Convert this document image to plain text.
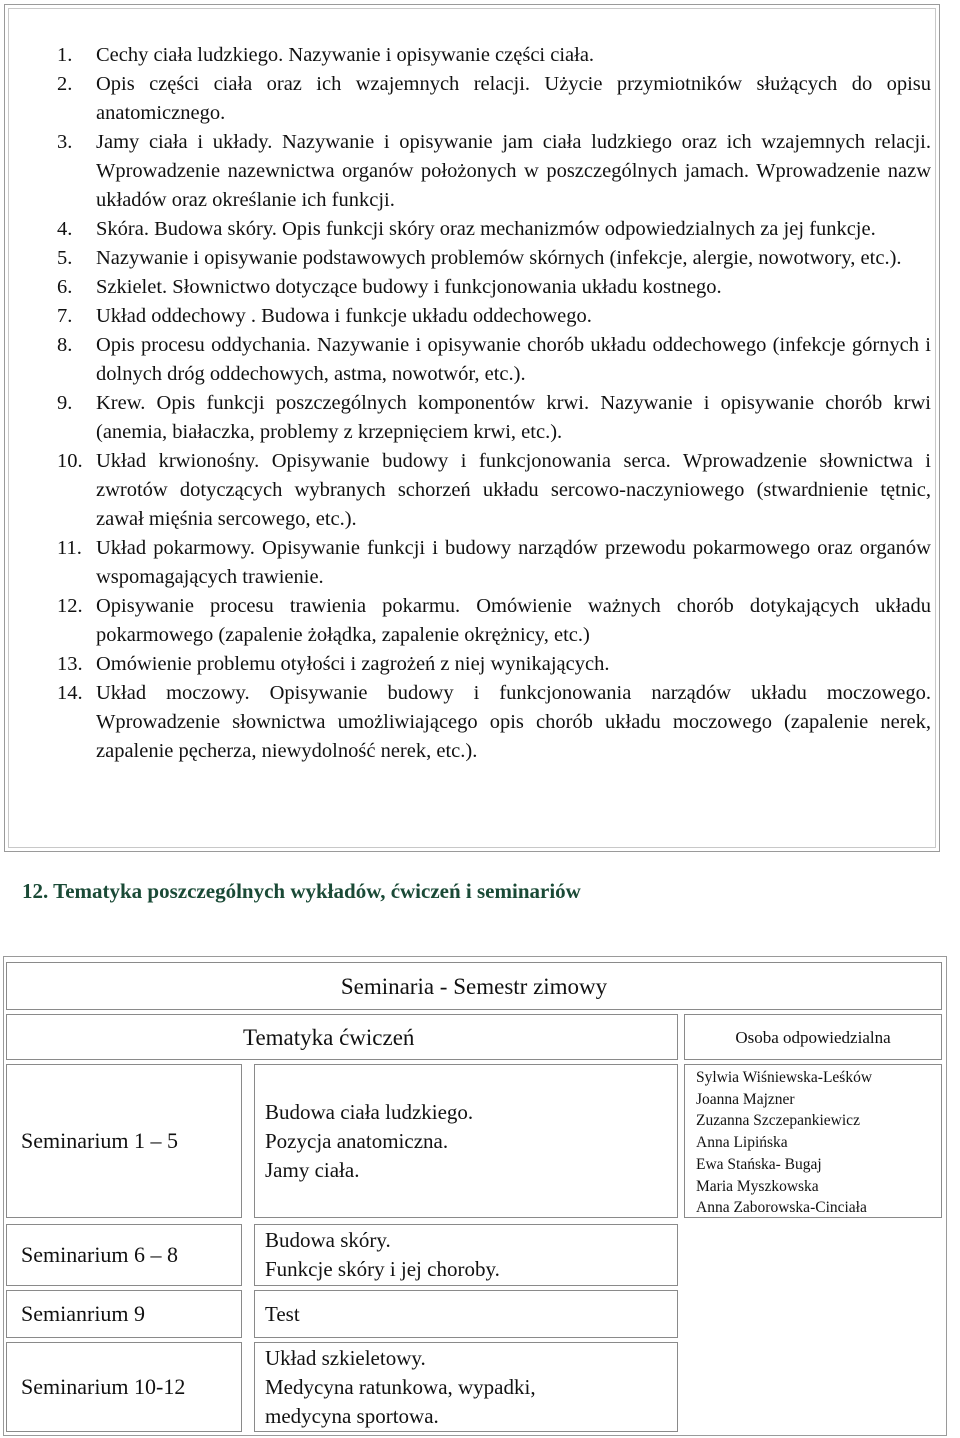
1. Cechy ciała ludzkiego. Nazywanie i opisywanie części ciała.
2. Opis części ciała oraz ich wzajemnych relacji. Użycie przymiotników służących do opisu anatomicznego.
3. Jamy ciała i układy. Nazywanie i opisywanie jam ciała ludzkiego oraz ich wzajemnych relacji. Wprowadzenie nazewnictwa organów położonych w poszczególnych jamach. Wprowadzenie nazw układów oraz określanie ich funkcji.
4. Skóra. Budowa skóry. Opis funkcji skóry oraz mechanizmów odpowiedzialnych za jej funkcje.
5. Nazywanie i opisywanie podstawowych problemów skórnych (infekcje, alergie, nowotwory, etc.).
6. Szkielet. Słownictwo dotyczące budowy i funkcjonowania układu kostnego.
7. Układ oddechowy . Budowa i funkcje układu oddechowego.
8. Opis procesu oddychania. Nazywanie i opisywanie chorób układu oddechowego (infekcje górnych i dolnych dróg oddechowych, astma, nowotwór, etc.).
9. Krew. Opis funkcji poszczególnych komponentów krwi. Nazywanie i opisywanie chorób krwi (anemia, białaczka, problemy z krzepnięciem krwi, etc.).
10. Układ krwionośny. Opisywanie budowy i funkcjonowania serca. Wprowadzenie słownictwa i zwrotów dotyczących wybranych schorzeń układu sercowo-naczyniowego (stwardnienie tętnic, zawał mięśnia sercowego, etc.).
11. Układ pokarmowy. Opisywanie funkcji i budowy narządów przewodu pokarmowego oraz organów wspomagających trawienie.
12. Opisywanie procesu trawienia pokarmu. Omówienie ważnych chorób dotykających układu pokarmowego (zapalenie żołądka, zapalenie okrężnicy, etc.)
13. Omówienie problemu otyłości i zagrożeń z niej wynikających.
14. Układ moczowy. Opisywanie budowy i funkcjonowania narządów układu moczowego. Wprowadzenie słownictwa umożliwiającego opis chorób układu moczowego (zapalenie nerek, zapalenie pęcherza, niewydolność nerek, etc.).
12. Tematyka poszczególnych wykładów, ćwiczeń i seminariów
Seminaria - Semestr zimowy
Tematyka ćwiczeń	Osoba odpowiedzialna
Seminarium 1 – 5
Budowa ciała ludzkiego.
Pozycja anatomiczna.
Jamy ciała.
Sylwia Wiśniewska-Leśków
Joanna Majzner
Zuzanna Szczepankiewicz
Anna Lipińska
Ewa Stańska- Bugaj
Maria Myszkowska
Anna Zaborowska-Cinciała
Seminarium 6 – 8
Budowa skóry.
Funkcje skóry i jej choroby.
Semianrium 9	Test
Seminarium 10-12
Układ szkieletowy.
Medycyna ratunkowa, wypadki,
medycyna sportowa.
